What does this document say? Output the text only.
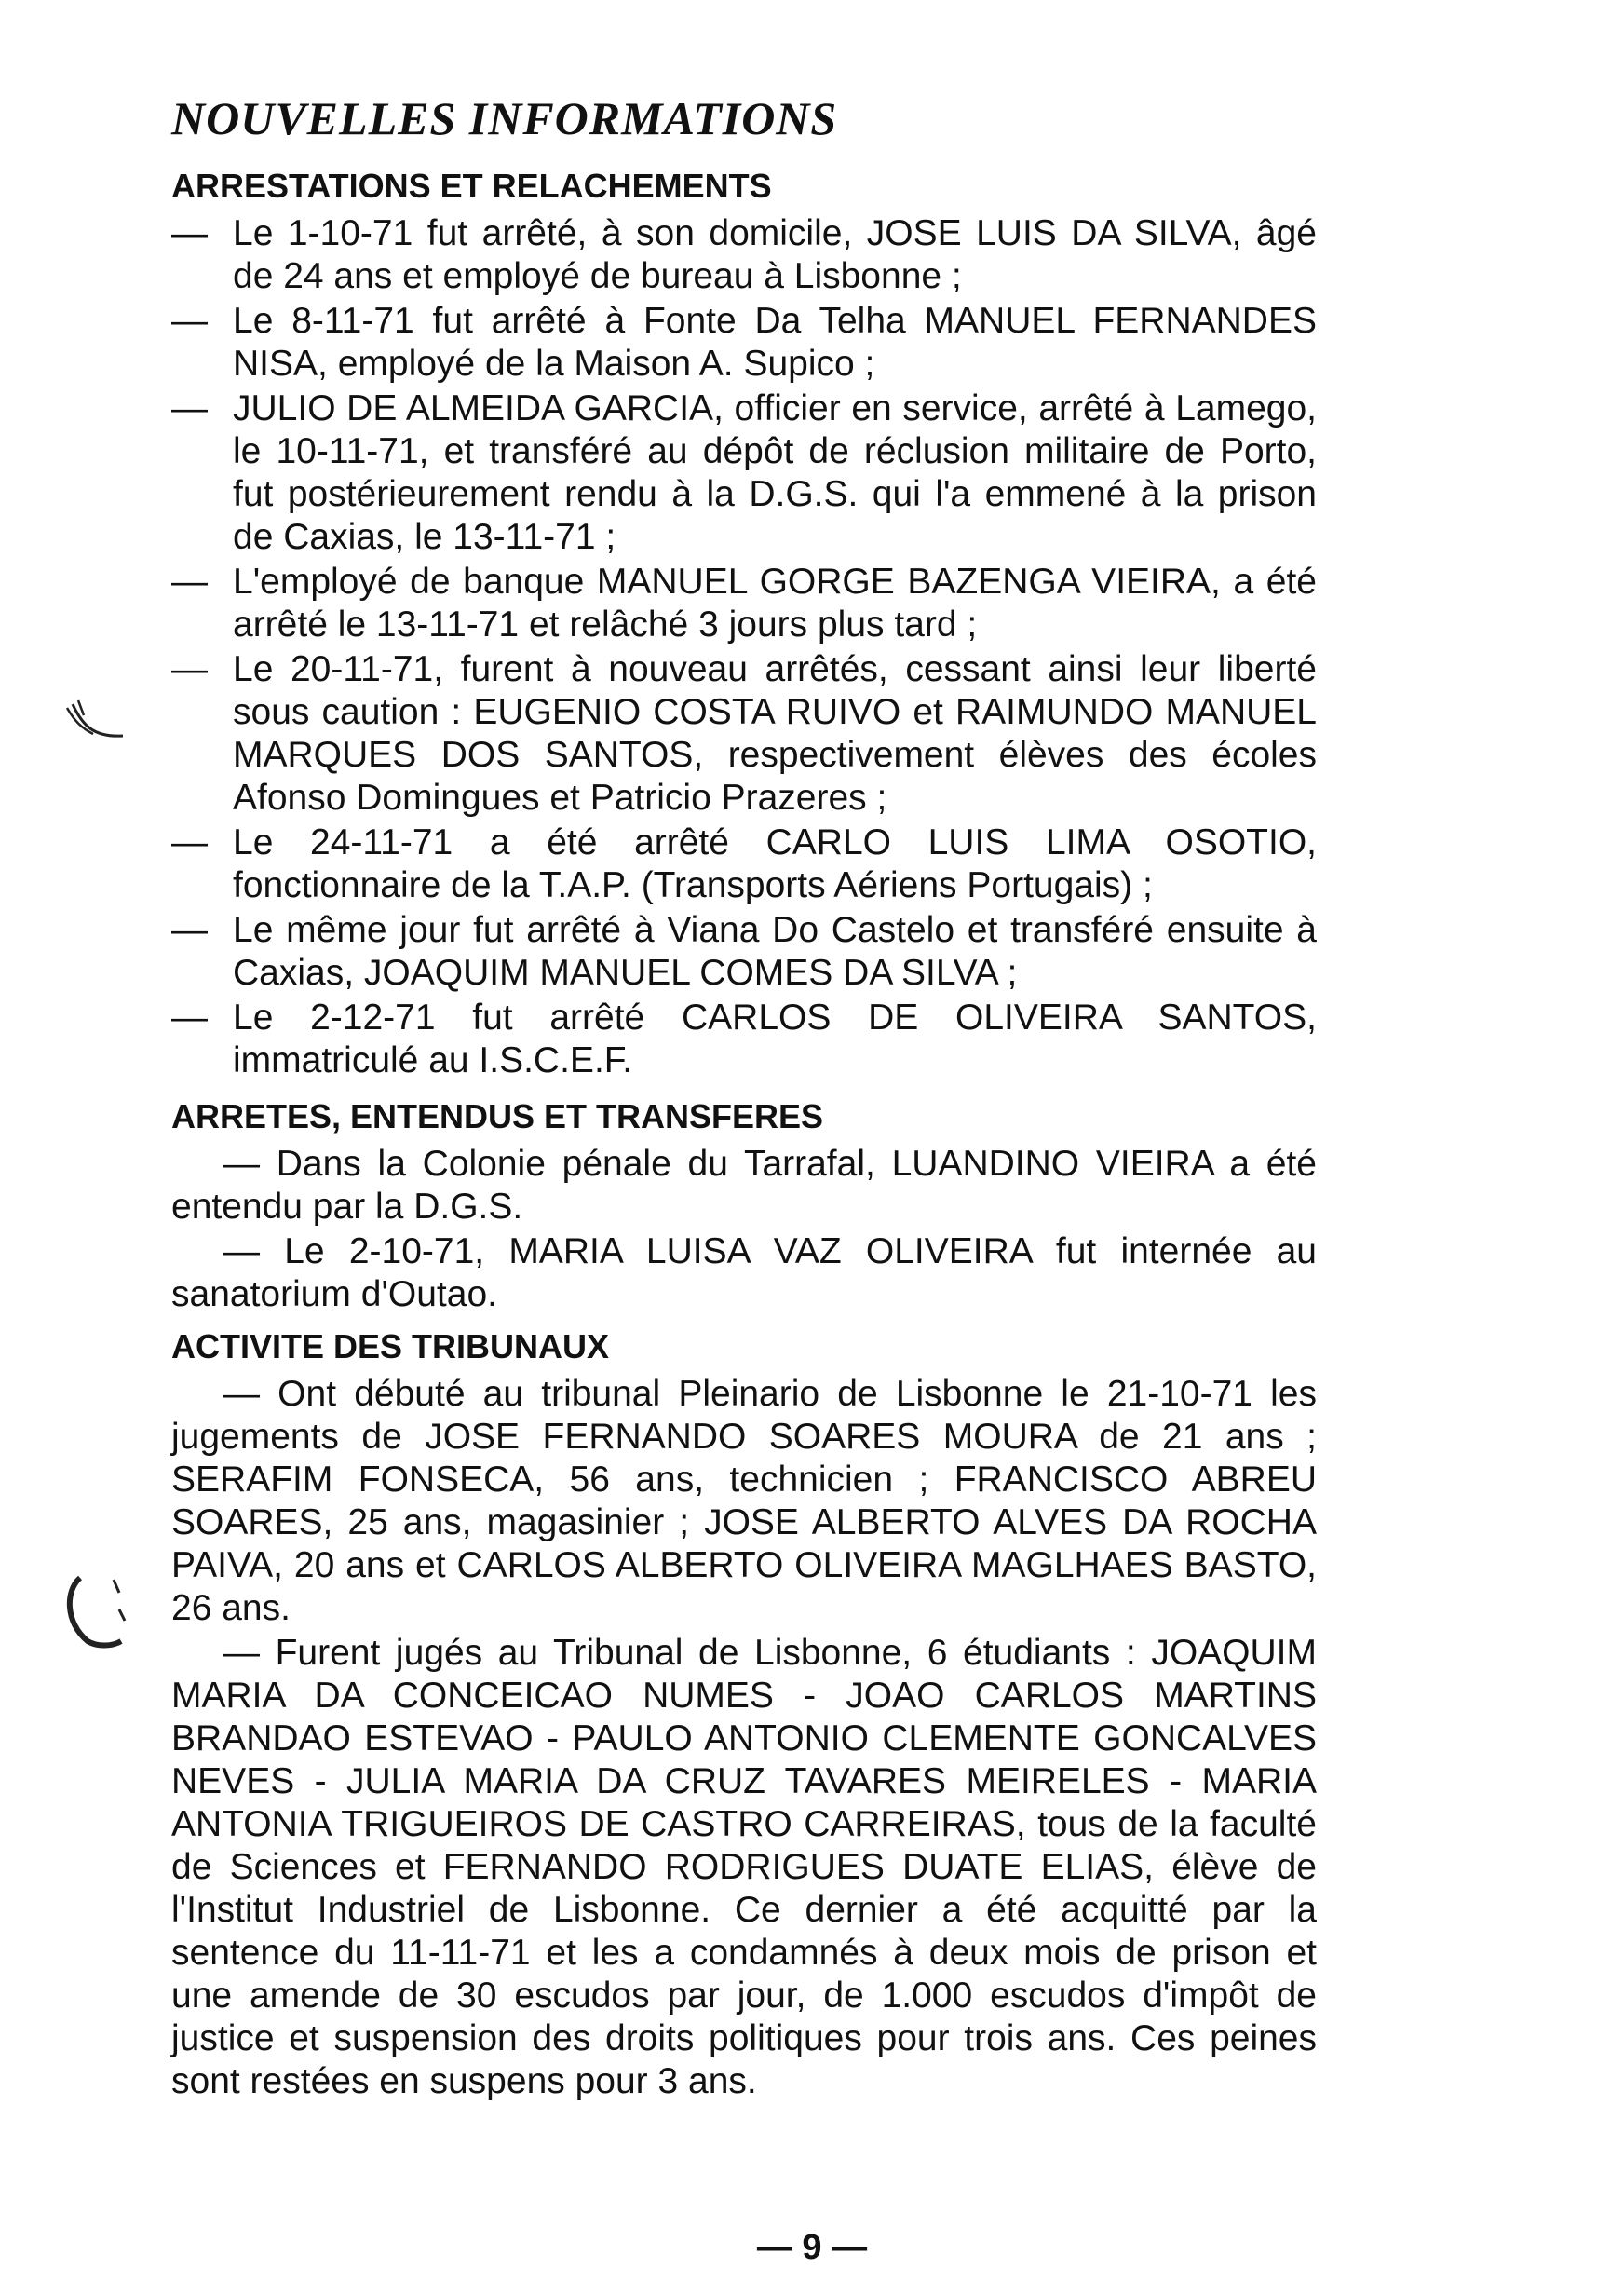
NOUVELLES INFORMATIONS
ARRESTATIONS ET RELACHEMENTS
— Le 1-10-71 fut arrêté, à son domicile, JOSE LUIS DA SILVA, âgé de 24 ans et employé de bureau à Lisbonne ;
— Le 8-11-71 fut arrêté à Fonte Da Telha MANUEL FERNANDES NISA, employé de la Maison A. Supico ;
— JULIO DE ALMEIDA GARCIA, officier en service, arrêté à Lamego, le 10-11-71, et transféré au dépôt de réclusion militaire de Porto, fut postérieurement rendu à la D.G.S. qui l'a emmené à la prison de Caxias, le 13-11-71 ;
— L'employé de banque MANUEL GORGE BAZENGA VIEIRA, a été arrêté le 13-11-71 et relâché 3 jours plus tard ;
— Le 20-11-71, furent à nouveau arrêtés, cessant ainsi leur liberté sous caution : EUGENIO COSTA RUIVO et RAIMUNDO MANUEL MARQUES DOS SANTOS, respectivement élèves des écoles Afonso Domingues et Patricio Prazeres ;
— Le 24-11-71 a été arrêté CARLO LUIS LIMA OSOTIO, fonctionnaire de la T.A.P. (Transports Aériens Portugais) ;
— Le même jour fut arrêté à Viana Do Castelo et transféré ensuite à Caxias, JOAQUIM MANUEL COMES DA SILVA ;
— Le 2-12-71 fut arrêté CARLOS DE OLIVEIRA SANTOS, immatriculé au I.S.C.E.F.
ARRETES, ENTENDUS ET TRANSFERES

— Dans la Colonie pénale du Tarrafal, LUANDINO VIEIRA a été entendu par la D.G.S.

— Le 2-10-71, MARIA LUISA VAZ OLIVEIRA fut internée au sanatorium d'Outao.

ACTIVITE DES TRIBUNAUX

— Ont débuté au tribunal Pleinario de Lisbonne le 21-10-71 les jugements de JOSE FERNANDO SOARES MOURA de 21 ans ; SERAFIM FONSECA, 56 ans, technicien ; FRANCISCO ABREU SOARES, 25 ans, magasinier ; JOSE ALBERTO ALVES DA ROCHA PAIVA, 20 ans et CARLOS ALBERTO OLIVEIRA MAGLHAES BASTO, 26 ans.

— Furent jugés au Tribunal de Lisbonne, 6 étudiants : JOAQUIM MARIA DA CONCEICAO NUMES - JOAO CARLOS MARTINS BRANDAO ESTEVAO - PAULO ANTONIO CLEMENTE GONCALVES NEVES - JULIA MARIA DA CRUZ TAVARES MEIRELES - MARIA ANTONIA TRIGUEIROS DE CASTRO CARREIRAS, tous de la faculté de Sciences et FERNANDO RODRIGUES DUATE ELIAS, élève de l'Institut Industriel de Lisbonne. Ce dernier a été acquitté par la sentence du 11-11-71 et les a condamnés à deux mois de prison et une amende de 30 escudos par jour, de 1.000 escudos d'impôt de justice et suspension des droits politiques pour trois ans. Ces peines sont restées en suspens pour 3 ans.

— 9 —
